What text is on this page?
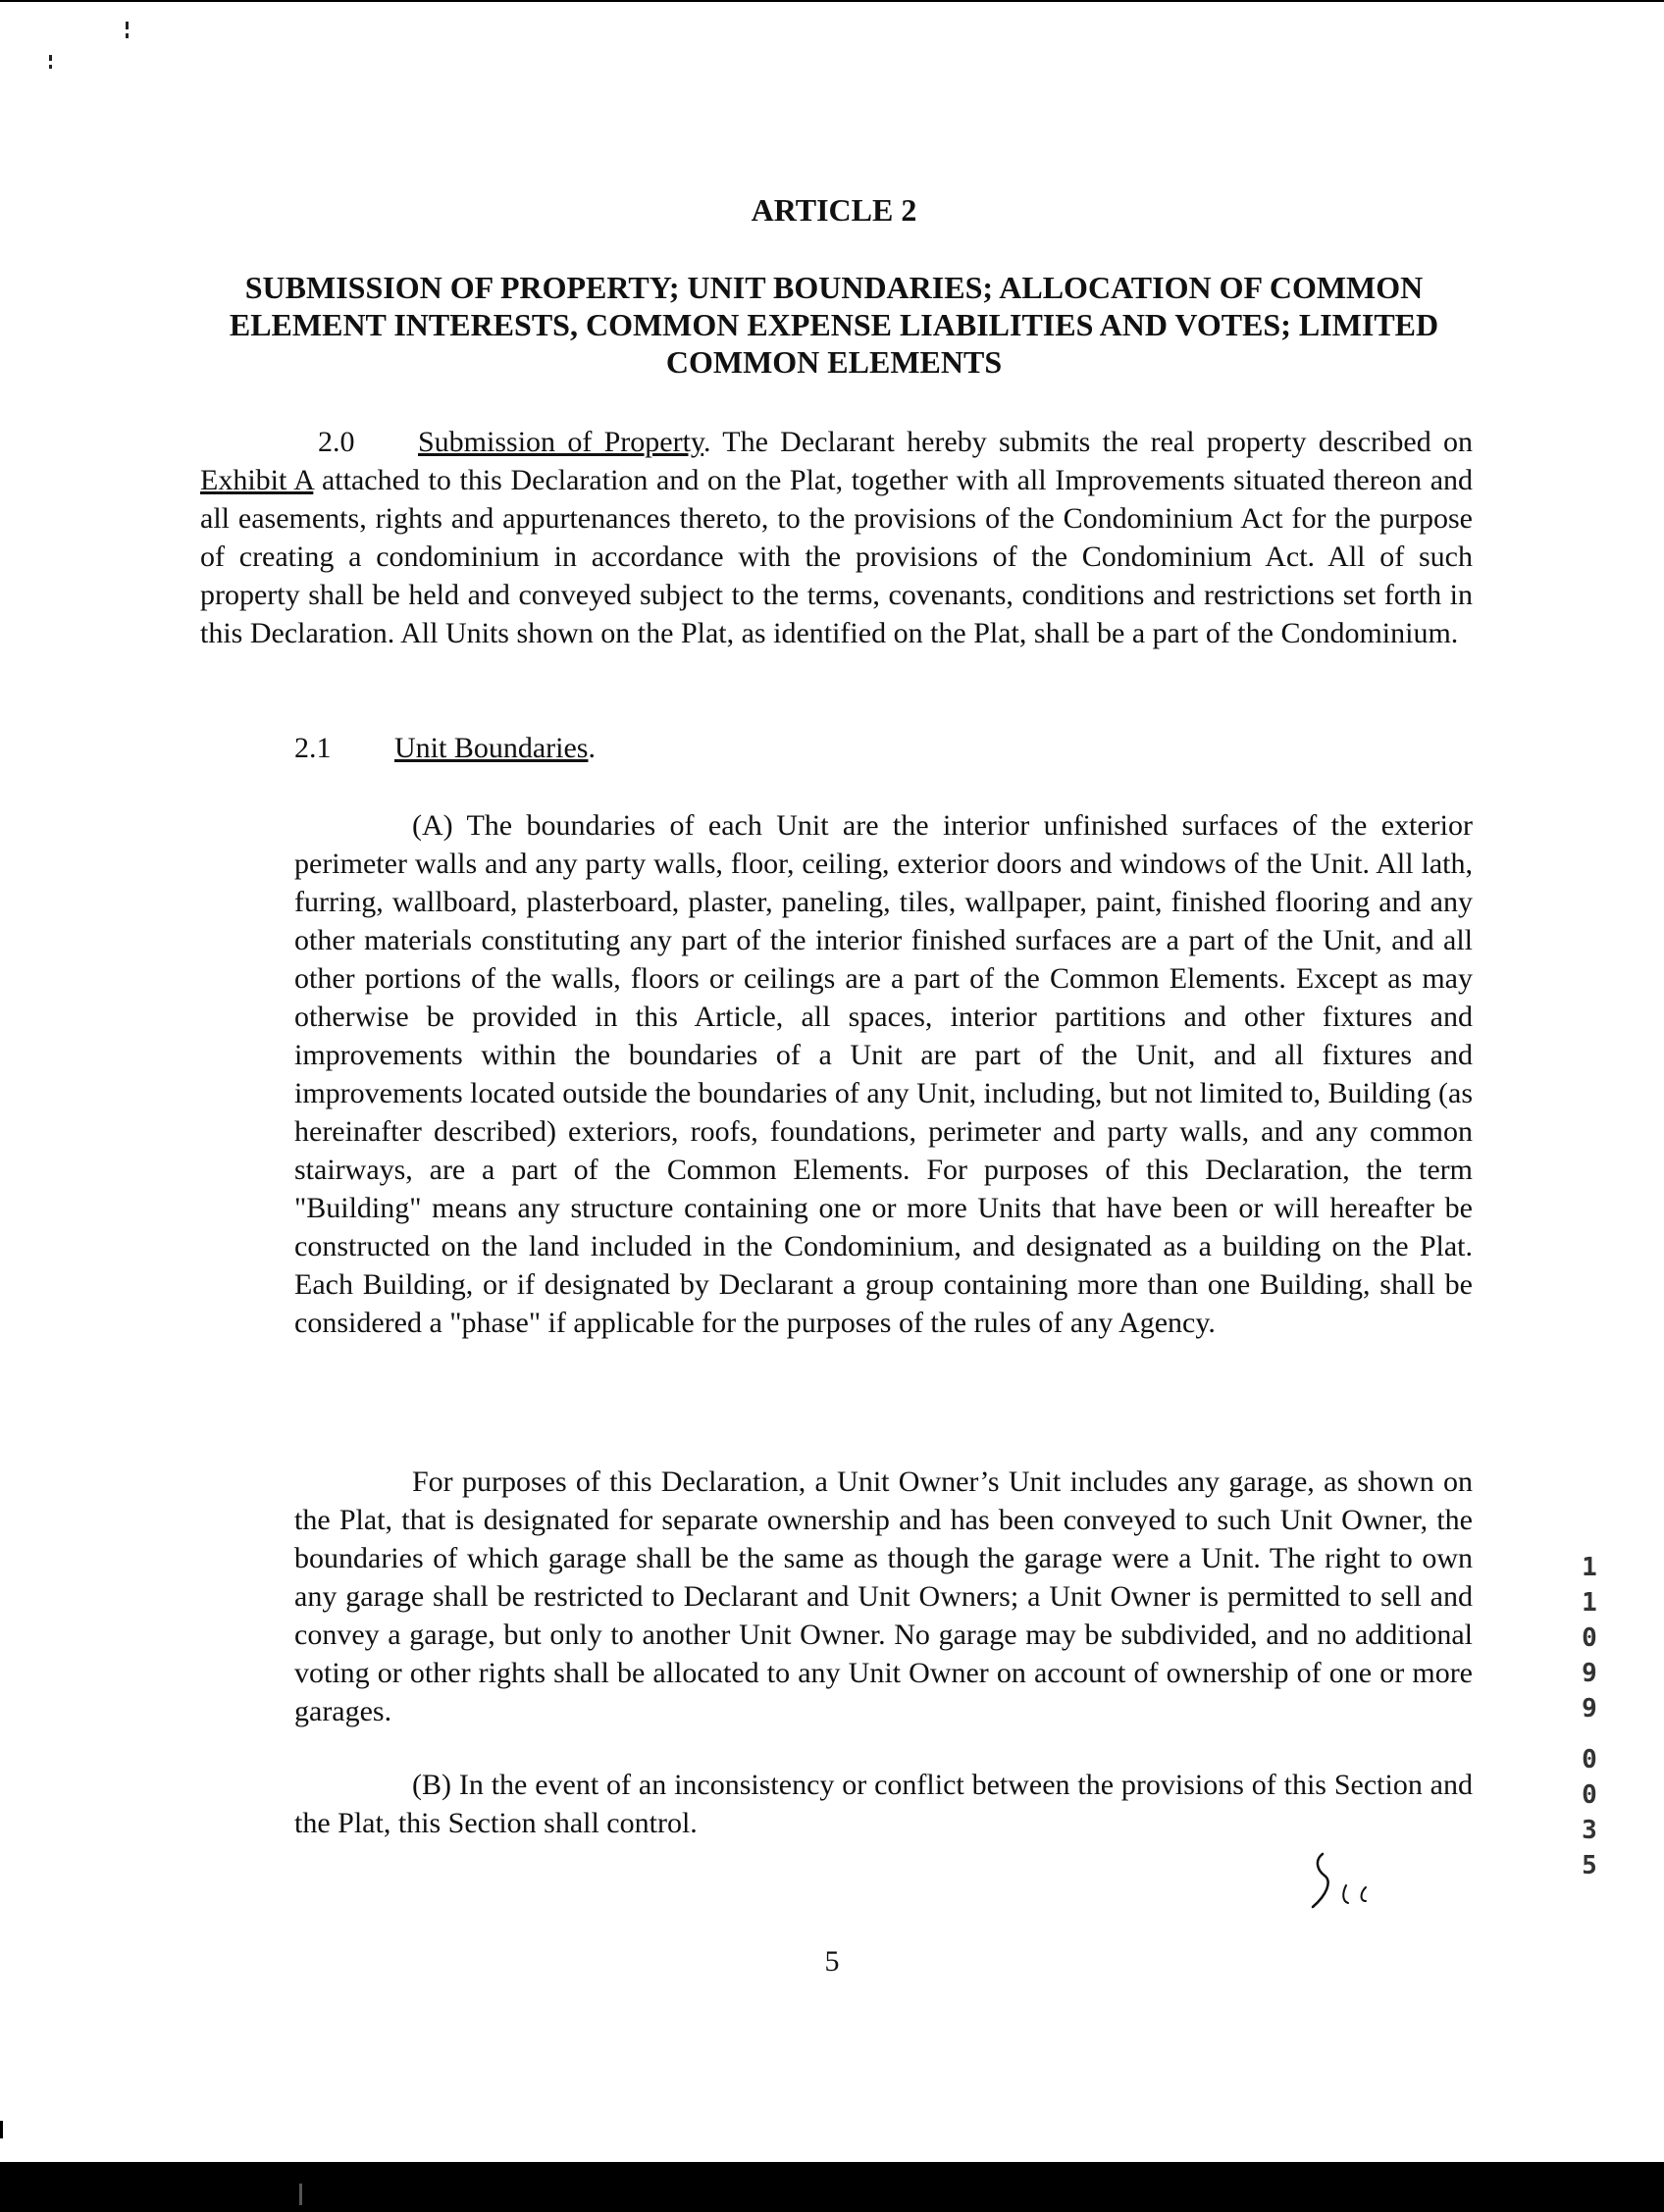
ARTICLE 2
SUBMISSION OF PROPERTY; UNIT BOUNDARIES; ALLOCATION OF COMMON ELEMENT INTERESTS, COMMON EXPENSE LIABILITIES AND VOTES; LIMITED COMMON ELEMENTS

2.0 Submission of Property. The Declarant hereby submits the real property described on Exhibit A attached to this Declaration and on the Plat, together with all Improvements situated thereon and all easements, rights and appurtenances thereto, to the provisions of the Condominium Act for the purpose of creating a condominium in accordance with the provisions of the Condominium Act. All of such property shall be held and conveyed subject to the terms, covenants, conditions and restrictions set forth in this Declaration. All Units shown on the Plat, as identified on the Plat, shall be a part of the Condominium.

2.1 Unit Boundaries.

(A) The boundaries of each Unit are the interior unfinished surfaces of the exterior perimeter walls and any party walls, floor, ceiling, exterior doors and windows of the Unit. All lath, furring, wallboard, plasterboard, plaster, paneling, tiles, wallpaper, paint, finished flooring and any other materials constituting any part of the interior finished surfaces are a part of the Unit, and all other portions of the walls, floors or ceilings are a part of the Common Elements. Except as may otherwise be provided in this Article, all spaces, interior partitions and other fixtures and improvements within the boundaries of a Unit are part of the Unit, and all fixtures and improvements located outside the boundaries of any Unit, including, but not limited to, Building (as hereinafter described) exteriors, roofs, foundations, perimeter and party walls, and any common stairways, are a part of the Common Elements. For purposes of this Declaration, the term "Building" means any structure containing one or more Units that have been or will hereafter be constructed on the land included in the Condominium, and designated as a building on the Plat. Each Building, or if designated by Declarant a group containing more than one Building, shall be considered a "phase" if applicable for the purposes of the rules of any Agency.

For purposes of this Declaration, a Unit Owner’s Unit includes any garage, as shown on the Plat, that is designated for separate ownership and has been conveyed to such Unit Owner, the boundaries of which garage shall be the same as though the garage were a Unit. The right to own any garage shall be restricted to Declarant and Unit Owners; a Unit Owner is permitted to sell and convey a garage, but only to another Unit Owner. No garage may be subdivided, and no additional voting or other rights shall be allocated to any Unit Owner on account of ownership of one or more garages.

(B) In the event of an inconsistency or conflict between the provisions of this Section and the Plat, this Section shall control.

1
1
0
9
9
0
0
3
5
5
